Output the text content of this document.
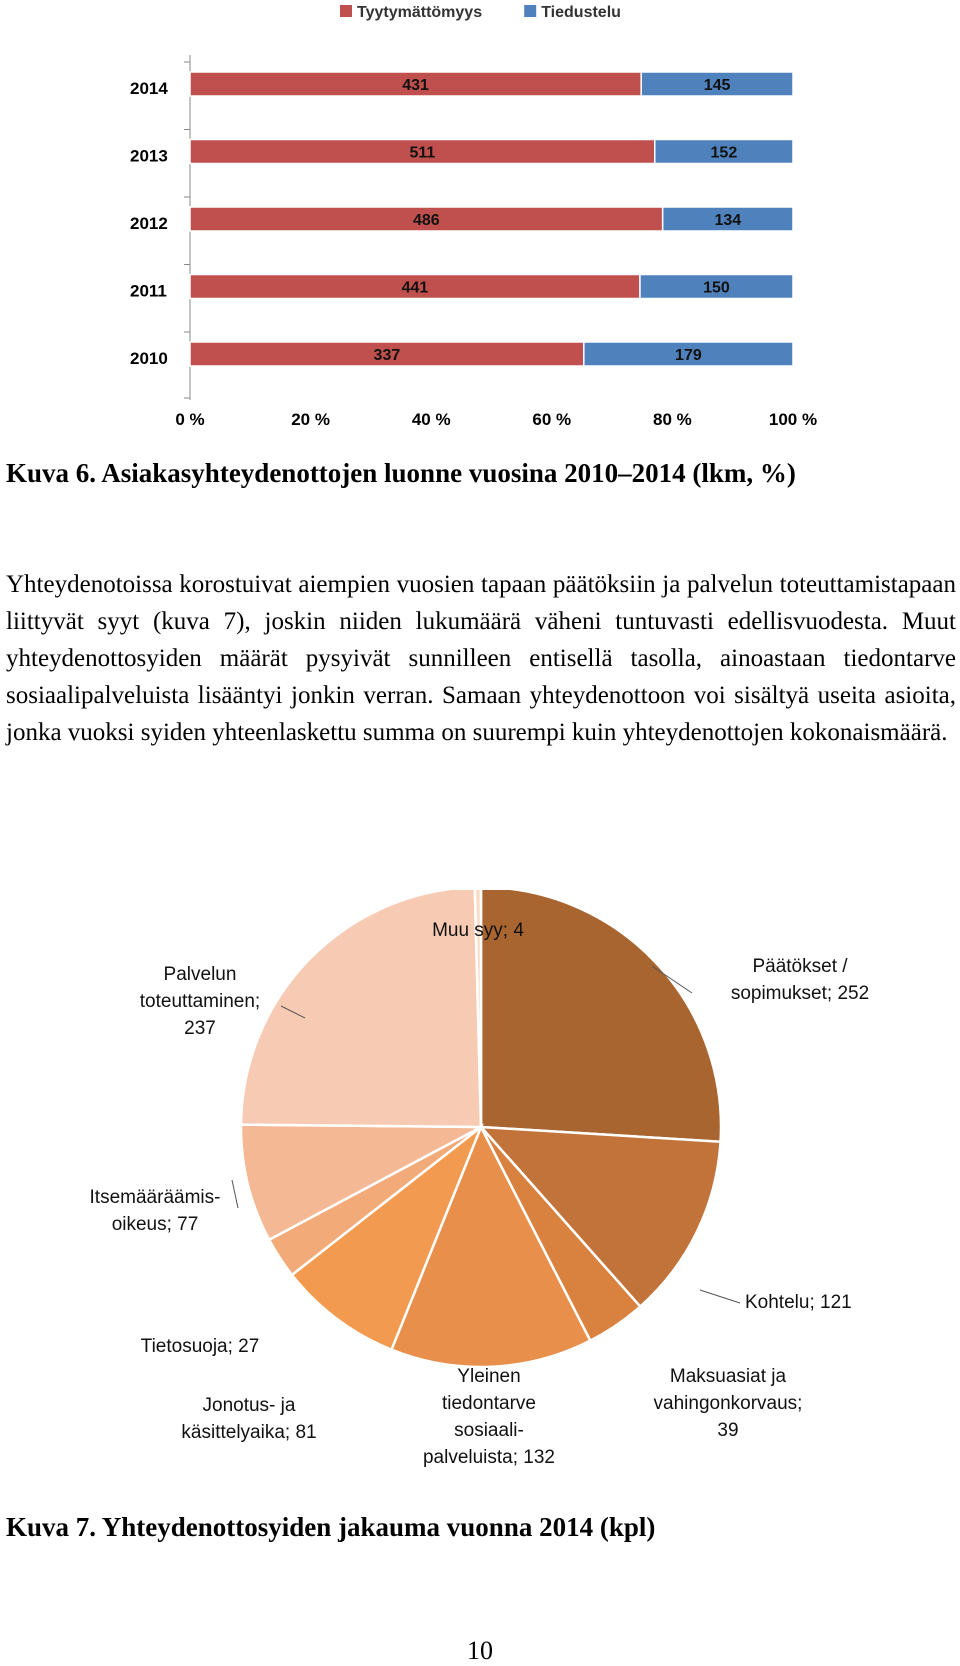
Tyytymättömyys	Tiedustelu
2014	431	145
2013	511	152
2012	486	134
2011	441	150
2010	337	179
0 %	20 %	40 %	60 %	80 %	100 %
Kuva 6. Asiakasyhteydenottojen luonne vuosina 2010–2014 (lkm, %)
Yhteydenotoissa korostuivat aiempien vuosien tapaan päätöksiin ja palvelun toteuttamistapaan liittyvät syyt (kuva 7), joskin niiden lukumäärä väheni tuntuvasti edellisvuodesta. Muut yhteydenottosyiden määrät pysyivät sunnilleen entisellä tasolla, ainoastaan tiedontarve sosiaalipalveluista lisääntyi jonkin verran. Samaan yhteydenottoon voi sisältyä useita asioita, jonka vuoksi syiden yhteenlaskettu summa on suurempi kuin yhteydenottojen kokonaismäärä.
Päätökset / sopimukset; 252
Kohtelu; 121
Maksuasiat ja vahingonkorvaus; 39
Yleinen tiedontarve sosiaali-palveluista; 132
Jonotus- ja käsittelyaika; 81
Tietosuoja; 27
Itsemääräämis-oikeus; 77
Palvelun toteuttaminen; 237
Muu syy; 4
Kuva 7. Yhteydenottosyiden jakauma vuonna 2014 (kpl)
10
